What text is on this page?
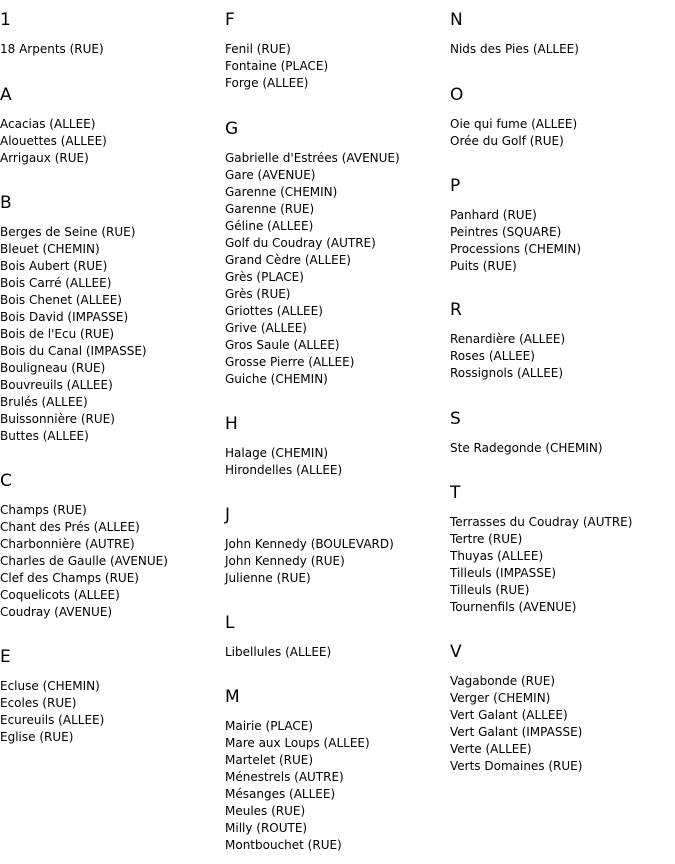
1
18 Arpents (RUE)
A
Acacias (ALLEE)
Alouettes (ALLEE)
Arrigaux (RUE)
B
Berges de Seine (RUE)
Bleuet (CHEMIN)
Bois Aubert (RUE)
Bois Carré (ALLEE)
Bois Chenet (ALLEE)
Bois David (IMPASSE)
Bois de l'Ecu (RUE)
Bois du Canal (IMPASSE)
Bouligneau (RUE)
Bouvreuils (ALLEE)
Brulés (ALLEE)
Buissonnière (RUE)
Buttes (ALLEE)
C
Champs (RUE)
Chant des Prés (ALLEE)
Charbonnière (AUTRE)
Charles de Gaulle (AVENUE)
Clef des Champs (RUE)
Coquelicots (ALLEE)
Coudray (AVENUE)
E
Ecluse (CHEMIN)
Ecoles (RUE)
Ecureuils (ALLEE)
Eglise (RUE)
F
Fenil (RUE)
Fontaine (PLACE)
Forge (ALLEE)
G
Gabrielle d'Estrées (AVENUE)
Gare (AVENUE)
Garenne (CHEMIN)
Garenne (RUE)
Géline (ALLEE)
Golf du Coudray (AUTRE)
Grand Cèdre (ALLEE)
Grès (PLACE)
Grès (RUE)
Griottes (ALLEE)
Grive (ALLEE)
Gros Saule (ALLEE)
Grosse Pierre (ALLEE)
Guiche (CHEMIN)
H
Halage (CHEMIN)
Hirondelles (ALLEE)
J
John Kennedy (BOULEVARD)
John Kennedy (RUE)
Julienne (RUE)
L
Libellules (ALLEE)
M
Mairie (PLACE)
Mare aux Loups (ALLEE)
Martelet (RUE)
Ménestrels (AUTRE)
Mésanges (ALLEE)
Meules (RUE)
Milly (ROUTE)
Montbouchet (RUE)
N
Nids des Pies (ALLEE)
O
Oie qui fume (ALLEE)
Orée du Golf (RUE)
P
Panhard (RUE)
Peintres (SQUARE)
Processions (CHEMIN)
Puits (RUE)
R
Renardière (ALLEE)
Roses (ALLEE)
Rossignols (ALLEE)
S
Ste Radegonde (CHEMIN)
T
Terrasses du Coudray (AUTRE)
Tertre (RUE)
Thuyas (ALLEE)
Tilleuls (IMPASSE)
Tilleuls (RUE)
Tournenfils (AVENUE)
V
Vagabonde (RUE)
Verger (CHEMIN)
Vert Galant (ALLEE)
Vert Galant (IMPASSE)
Verte (ALLEE)
Verts Domaines (RUE)
